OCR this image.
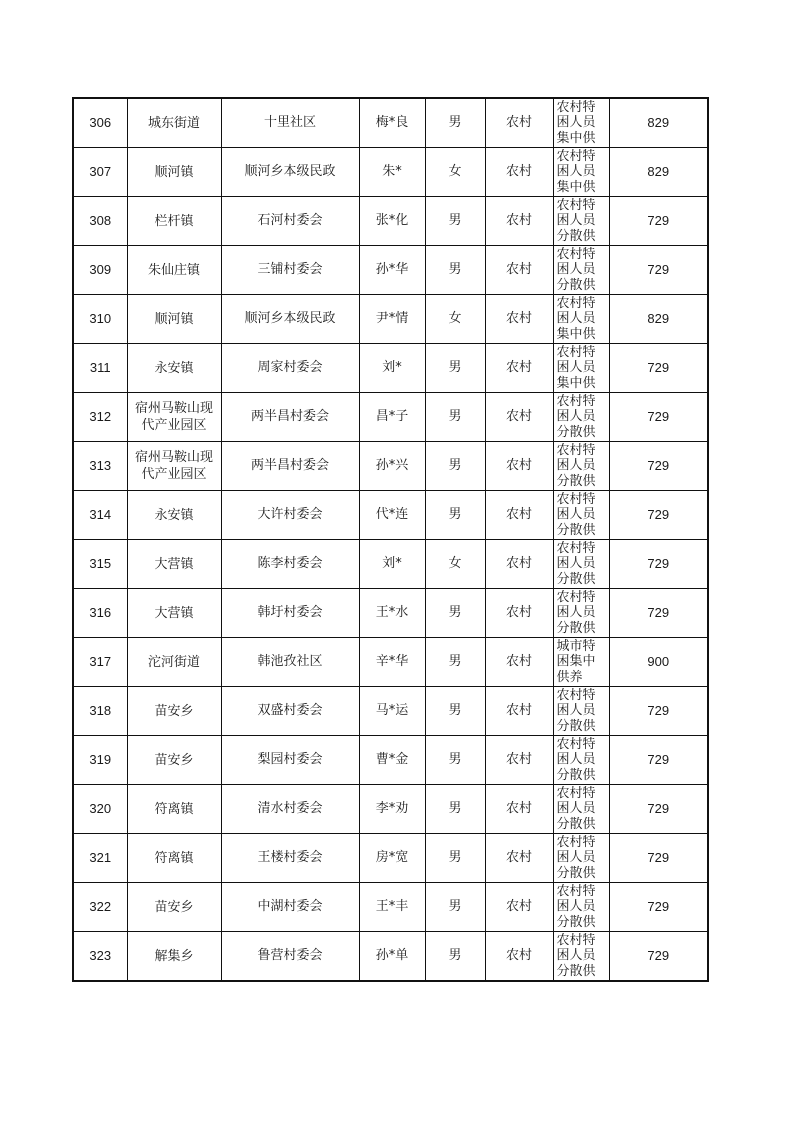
306	城东街道	十里社区	梅*良	男	农村	农村特困人员集中供	829
307	顺河镇	顺河乡本级民政	朱*	女	农村	农村特困人员集中供	829
308	栏杆镇	石河村委会	张*化	男	农村	农村特困人员分散供	729
309	朱仙庄镇	三铺村委会	孙*华	男	农村	农村特困人员分散供	729
310	顺河镇	顺河乡本级民政	尹*情	女	农村	农村特困人员集中供	829
311	永安镇	周家村委会	刘*	男	农村	农村特困人员集中供	729
312	宿州马鞍山现代产业园区	两半昌村委会	昌*子	男	农村	农村特困人员分散供	729
313	宿州马鞍山现代产业园区	两半昌村委会	孙*兴	男	农村	农村特困人员分散供	729
314	永安镇	大许村委会	代*连	男	农村	农村特困人员分散供	729
315	大营镇	陈李村委会	刘*	女	农村	农村特困人员分散供	729
316	大营镇	韩圩村委会	王*水	男	农村	农村特困人员分散供	729
317	沱河街道	韩池孜社区	辛*华	男	农村	城市特困集中供养	900
318	苗安乡	双盛村委会	马*运	男	农村	农村特困人员分散供	729
319	苗安乡	梨园村委会	曹*金	男	农村	农村特困人员分散供	729
320	符离镇	清水村委会	李*劝	男	农村	农村特困人员分散供	729
321	符离镇	王楼村委会	房*宽	男	农村	农村特困人员分散供	729
322	苗安乡	中湖村委会	王*丰	男	农村	农村特困人员分散供	729
323	解集乡	鲁营村委会	孙*单	男	农村	农村特困人员分散供	729
